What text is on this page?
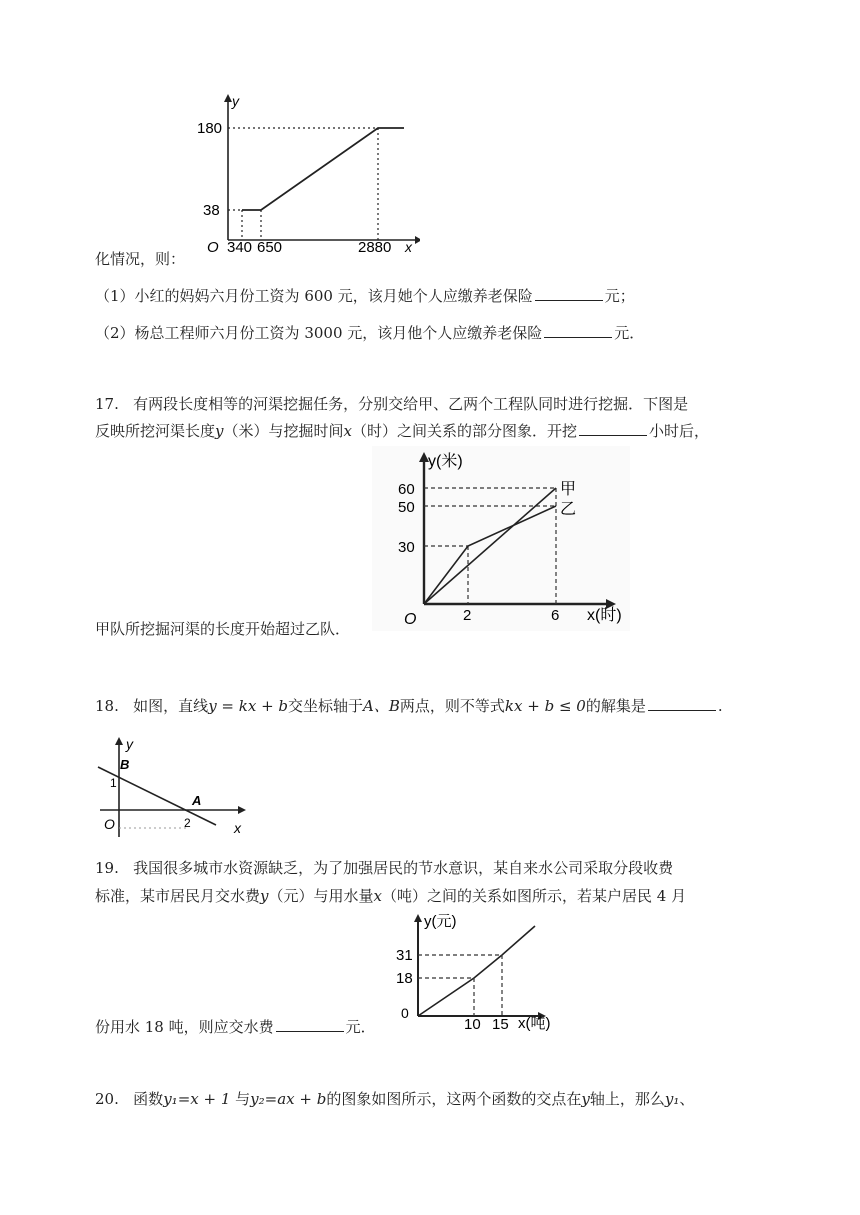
y
x
O
180
38
340 650	2880
化情况，则：
（1）小红的妈妈六月份工资为 600 元，该月她个人应缴养老保险	元；
（2）杨总工程师六月份工资为 3000 元，该月他个人应缴养老保险	元．
17. 有两段长度相等的河渠挖掘任务，分别交给甲、乙两个工程队同时进行挖掘．下图是
反映所挖河渠长度y（米）与挖掘时间x（时）之间关系的部分图象．开挖	小时后，
y(米)
x(时)
O
60
50
30
2	6
甲
乙
甲队所挖掘河渠的长度开始超过乙队．
18. 如图，直线y = kx + b交坐标轴于A、B两点，则不等式kx + b ≤ 0的解集是	.
y
x
O
B
A
1
2
19. 我国很多城市水资源缺乏，为了加强居民的节水意识，某自来水公司采取分段收费
标准，某市居民月交水费y（元）与用水量x（吨）之间的关系如图所示，若某户居民 4 月
y(元)
x(吨)
0
31
18
10 15
份用水 18 吨，则应交水费	元．
20. 函数y₁=x + 1 与y₂=ax + b的图象如图所示，这两个函数的交点在y轴上，那么y₁、
